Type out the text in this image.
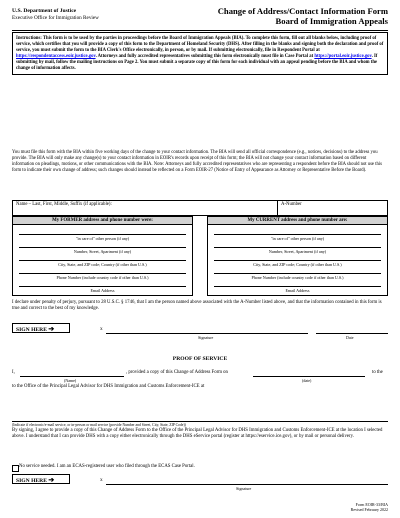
U.S. Department of Justice
Executive Office for Immigration Review
Change of Address/Contact Information Form
Board of Immigration Appeals
Instructions: This form is to be used by the parties in proceedings before the Board of Immigration Appeals (BIA). To complete this form, fill out all blanks below, including proof of service, which certifies that you will provide a copy of this form to the Department of Homeland Security (DHS). After filling in the blanks and signing both the declaration and proof of service, you must submit the form to the BIA Clerk's Office electronically, in person, or by mail. If submitting electronically, file in Respondent Portal at https://respondentaccess.eoir.justice.gov. Attorneys and fully accredited representatives submitting this form electronically must file in Case Portal at https://portal.eoir.justice.gov. If submitting by mail, follow the mailing instructions on Page 2. You must submit a separate copy of this form for each individual with an appeal pending before the BIA and whom the change of information affects.
You must file this form with the BIA within five working days of the change to your contact information. The BIA will send all official correspondence (e.g., notices, decisions) to the address you provide. The BIA will only make any change(s) to your contact information in EOIR's records upon receipt of this form; the BIA will not change your contact information based on different information on pleadings, motions, or other communications with the BIA. Note: Attorneys and fully accredited representatives who are representing a respondent before the BIA should not use this form to indicate their own change of address; such changes should instead be reflected on a Form EOIR-27 (Notice of Entry of Appearance as Attorney or Representative Before the Board).
Name – Last, First, Middle, Suffix (if applicable):	A-Number
My FORMER address and phone number were:
"in care of" other person (if any)
Number, Street, Apartment (if any)
City, State, and ZIP code; Country (if other than U.S.)
Phone Number (include country code if other than U.S.)
Email Address
My CURRENT address and phone number are:
"in care of" other person (if any)
Number, Street, Apartment (if any)
City, State, and ZIP code; Country (if other than U.S.)
Phone Number (include country code if other than U.S.)
Email Address
I declare under penalty of perjury, pursuant to 28 U.S.C. § 1746, that I am the person named above associated with the A-Number listed above, and that the information contained in this form is true and correct to the best of my knowledge.
SIGN HERE ➔	x
Signature	Date
PROOF OF SERVICE
I,
(Name)
, provided a copy of this Change of Address Form on
(date)
to the
to the Office of the Principal Legal Advisor for DHS Immigration and Customs Enforcement-ICE at
(Indicate if electronic/e-mail service, or in-person or mail service (provide Number and Street, City, State, ZIP Code))
By signing, I agree to provide a copy of this Change of Address Form to the Office of the Principal Legal Advisor for DHS Immigration and Customs Enforcement-ICE at the location I selected above. I understand that I can provide DHS with a copy either electronically through the DHS eService portal (register at https://eservice.ice.gov), or by mail or personal delivery.
No service needed. I am an ECAS-registered user who filed through the ECAS Case Portal.
SIGN HERE ➔	x
Signature
Form EOIR-33/BIA
Revised February 2022
